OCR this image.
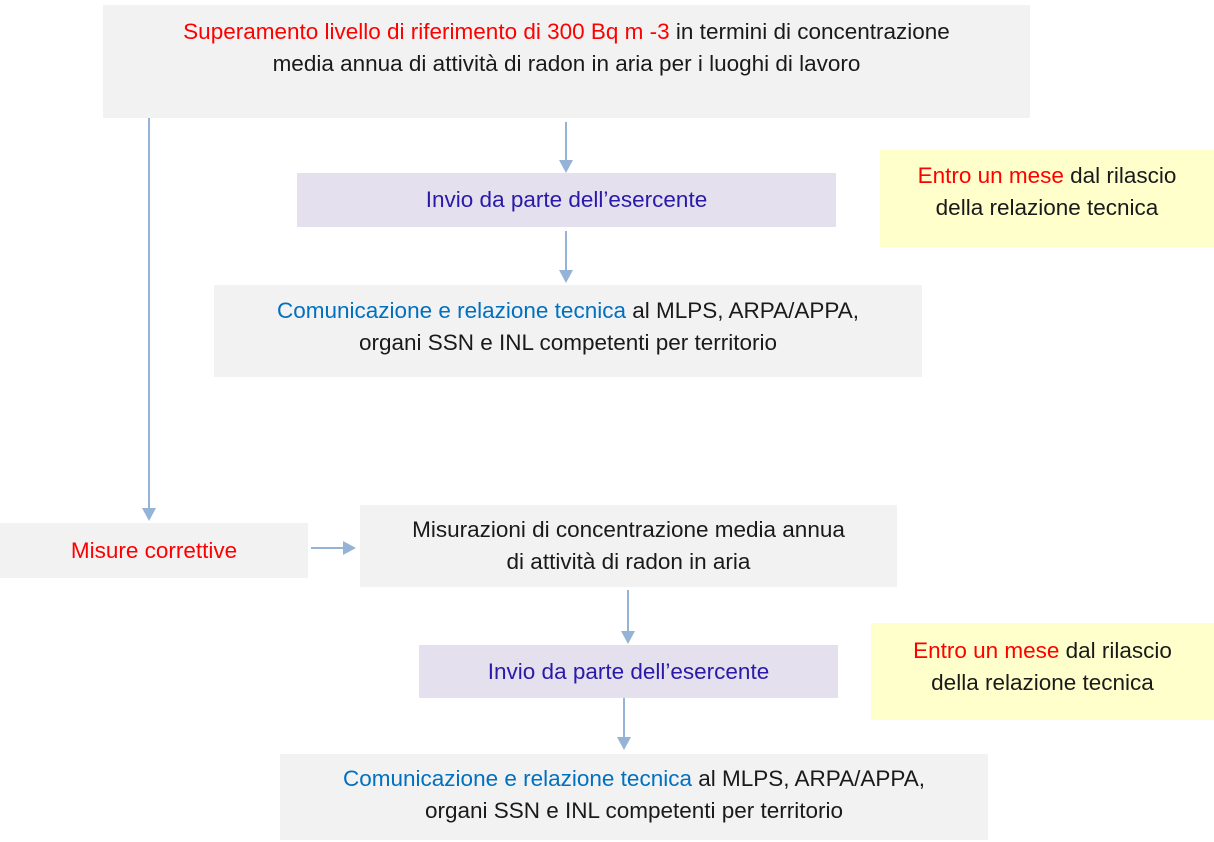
Superamento livello di riferimento di 300 Bq m -3 in termini di concentrazione
media annua di attività di radon in aria per i luoghi di lavoro
Invio da parte dell’esercente
Entro un mese dal rilascio
della relazione tecnica
Comunicazione e relazione tecnica al MLPS, ARPA/APPA,
organi SSN e INL competenti per territorio
Misure correttive
Misurazioni di concentrazione media annua
di attività di radon in aria
Invio da parte dell’esercente
Entro un mese dal rilascio
della relazione tecnica
Comunicazione e relazione tecnica al MLPS, ARPA/APPA,
organi SSN e INL competenti per territorio
